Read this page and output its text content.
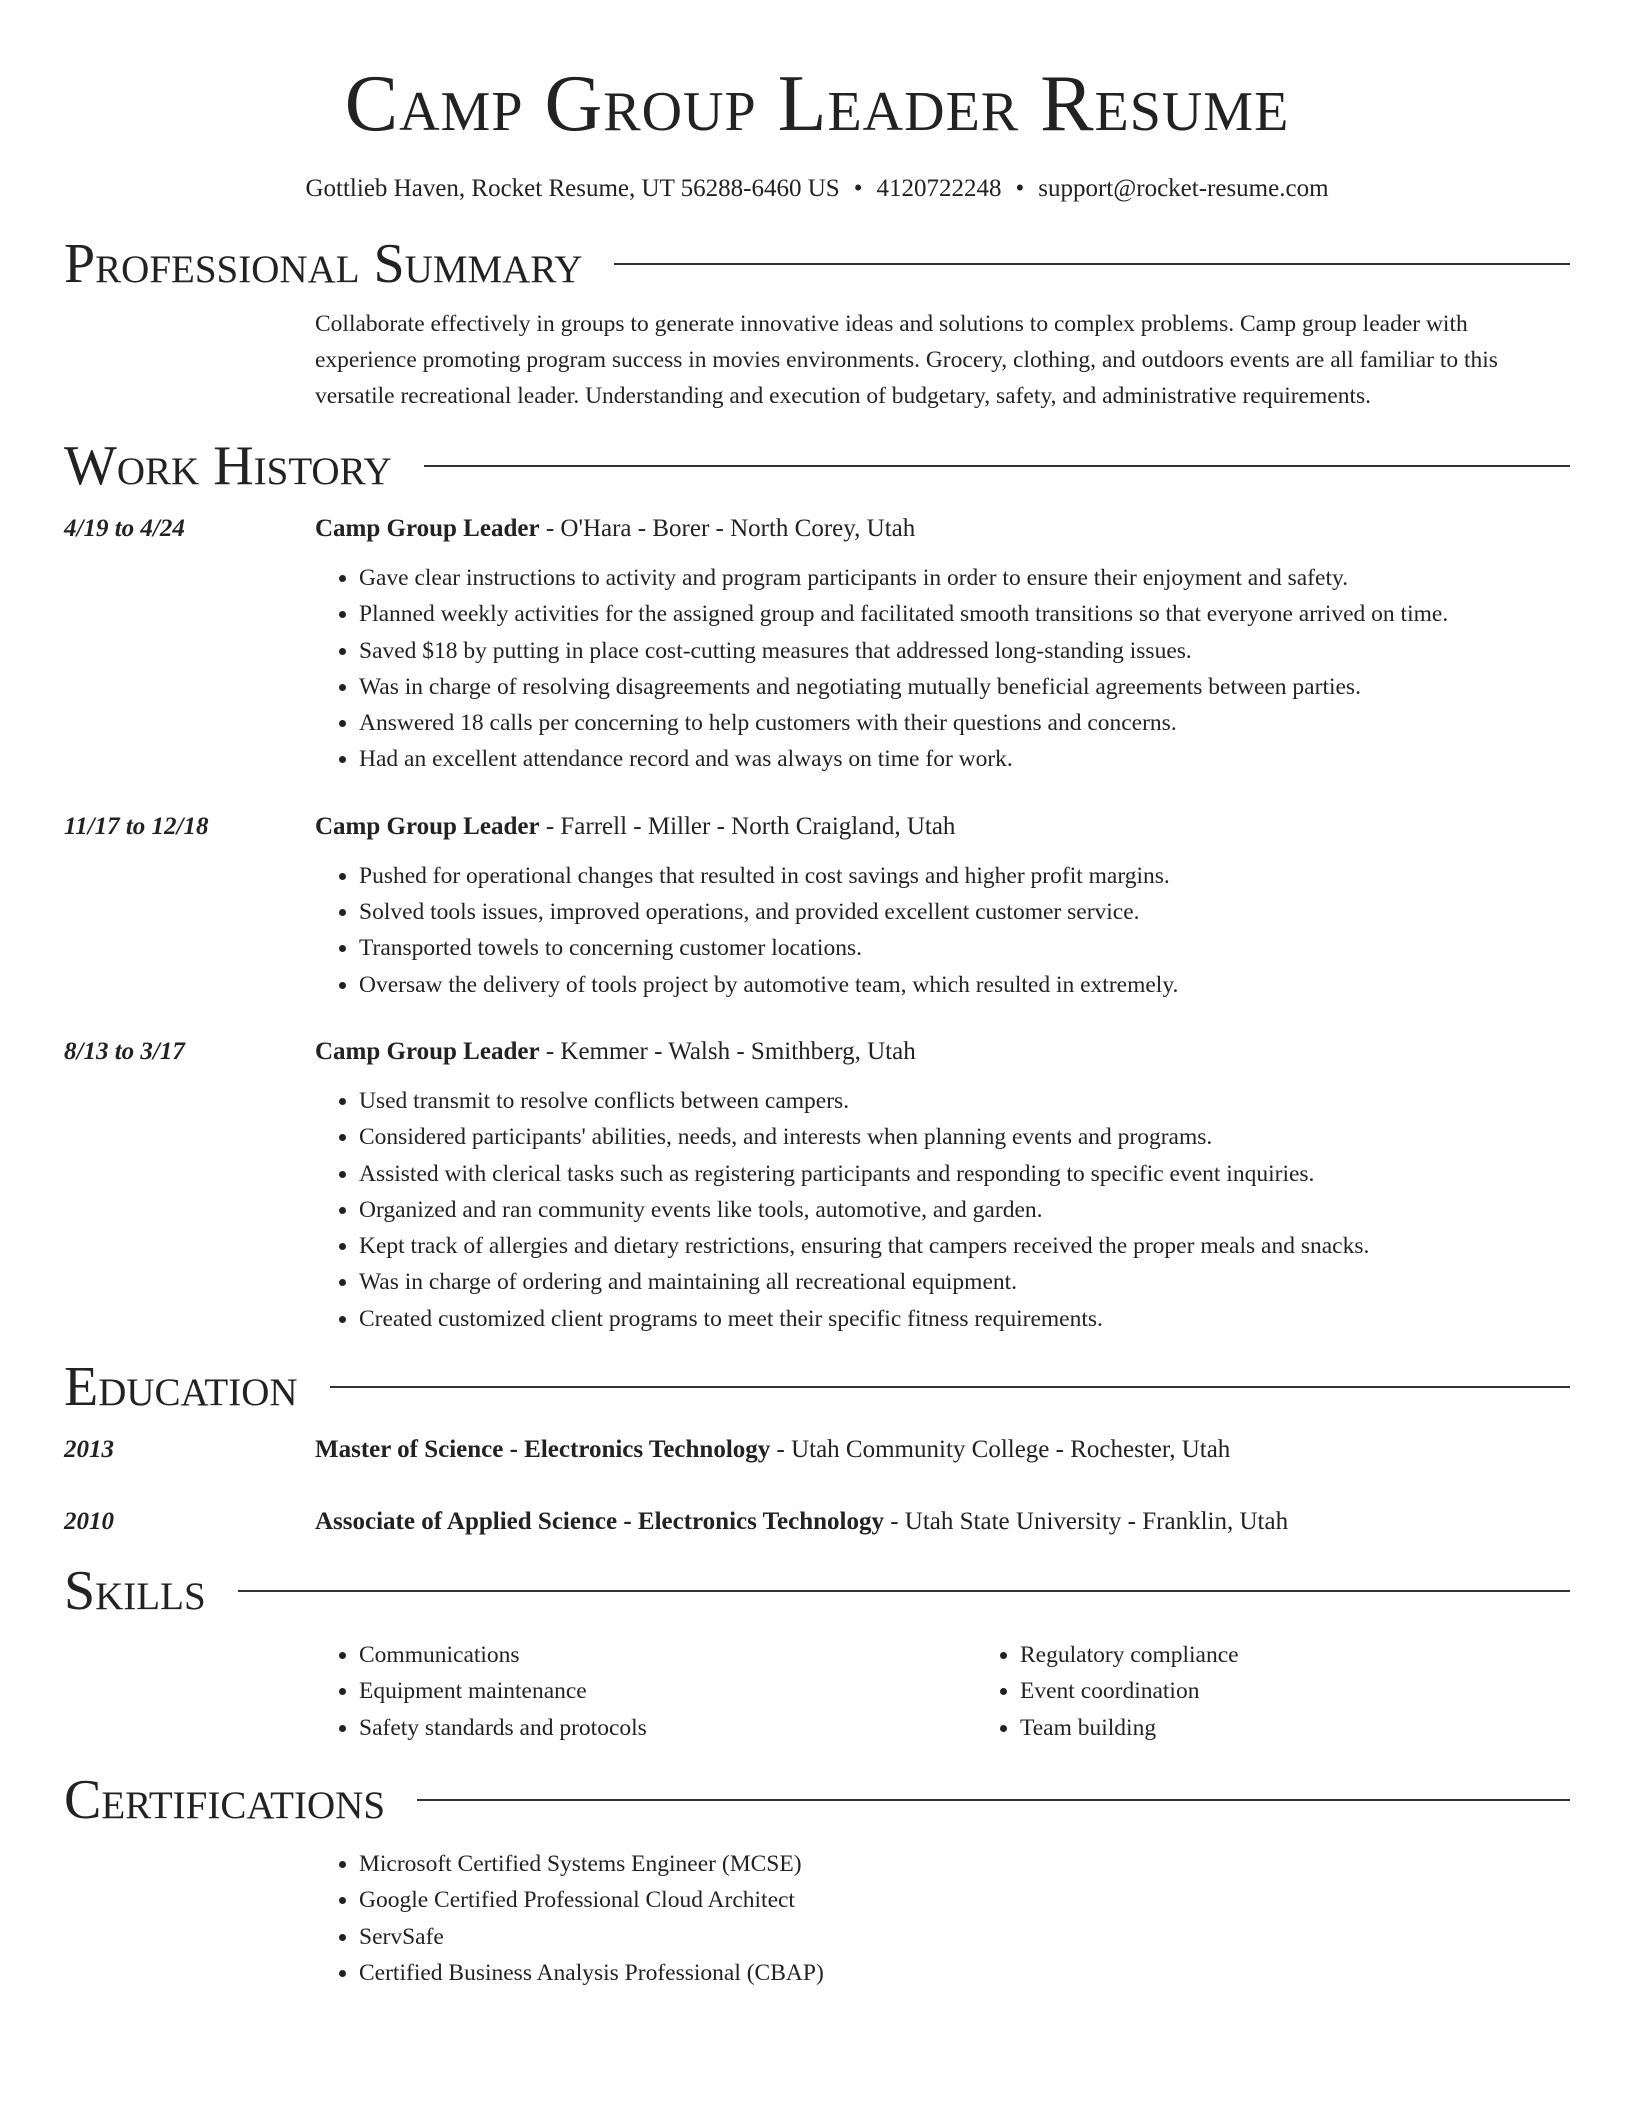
Camp Group Leader Resume
Gottlieb Haven, Rocket Resume, UT 56288-6460 US • 4120722248 • support@rocket-resume.com
Professional Summary

Collaborate effectively in groups to generate innovative ideas and solutions to complex problems. Camp group leader with experience promoting program success in movies environments. Grocery, clothing, and outdoors events are all familiar to this versatile recreational leader. Understanding and execution of budgetary, safety, and administrative requirements.

Work History
4/19 to 4/24	Camp Group Leader - O'Hara - Borer - North Corey, Utah
• Gave clear instructions to activity and program participants in order to ensure their enjoyment and safety.
• Planned weekly activities for the assigned group and facilitated smooth transitions so that everyone arrived on time.
• Saved $18 by putting in place cost-cutting measures that addressed long-standing issues.
• Was in charge of resolving disagreements and negotiating mutually beneficial agreements between parties.
• Answered 18 calls per concerning to help customers with their questions and concerns.
• Had an excellent attendance record and was always on time for work.
11/17 to 12/18	Camp Group Leader - Farrell - Miller - North Craigland, Utah
• Pushed for operational changes that resulted in cost savings and higher profit margins.
• Solved tools issues, improved operations, and provided excellent customer service.
• Transported towels to concerning customer locations.
• Oversaw the delivery of tools project by automotive team, which resulted in extremely.
8/13 to 3/17	Camp Group Leader - Kemmer - Walsh - Smithberg, Utah
• Used transmit to resolve conflicts between campers.
• Considered participants' abilities, needs, and interests when planning events and programs.
• Assisted with clerical tasks such as registering participants and responding to specific event inquiries.
• Organized and ran community events like tools, automotive, and garden.
• Kept track of allergies and dietary restrictions, ensuring that campers received the proper meals and snacks.
• Was in charge of ordering and maintaining all recreational equipment.
• Created customized client programs to meet their specific fitness requirements.
Education
2013	Master of Science - Electronics Technology - Utah Community College - Rochester, Utah
2010	Associate of Applied Science - Electronics Technology - Utah State University - Franklin, Utah
Skills
• Communications
• Equipment maintenance
• Safety standards and protocols
• Regulatory compliance
• Event coordination
• Team building
Certifications
• Microsoft Certified Systems Engineer (MCSE)
• Google Certified Professional Cloud Architect
• ServSafe
• Certified Business Analysis Professional (CBAP)
